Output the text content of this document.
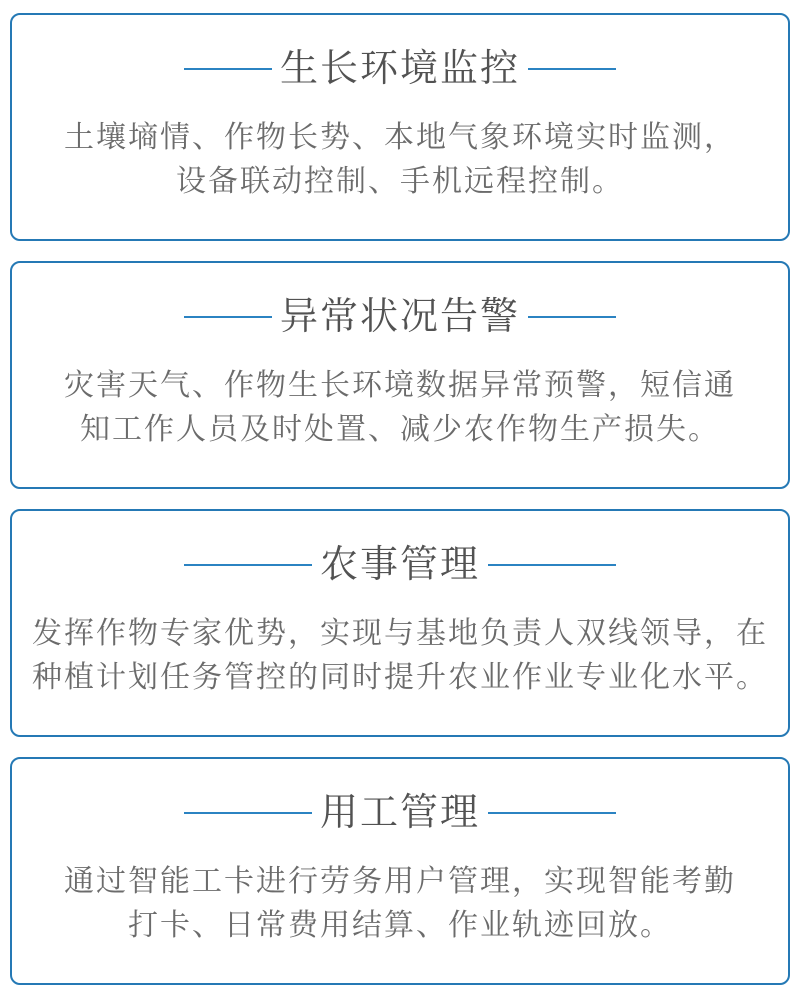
生长环境监控

土壤墒情、作物长势、本地气象环境实时监测，

设备联动控制、手机远程控制。

异常状况告警

灾害天气、作物生长环境数据异常预警，短信通

知工作人员及时处置、减少农作物生产损失。

农事管理

发挥作物专家优势，实现与基地负责人双线领导，在

种植计划任务管控的同时提升农业作业专业化水平。

用工管理

通过智能工卡进行劳务用户管理，实现智能考勤

打卡、日常费用结算、作业轨迹回放。
